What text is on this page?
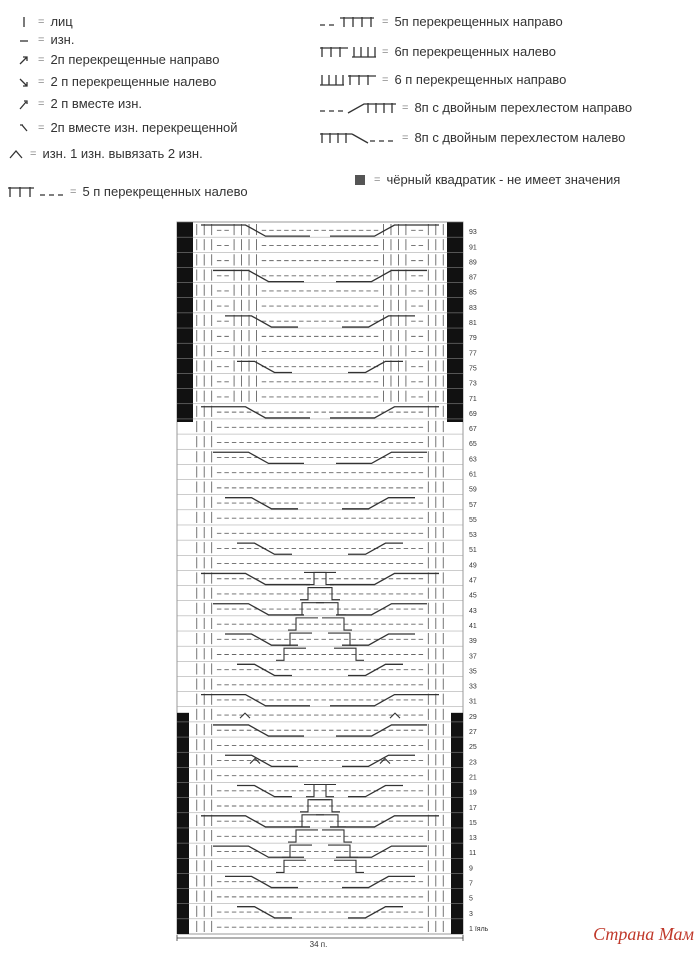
= лиц
= изн.
= 2п перекрещенные направо
= 2 п перекрещенные налево
= 2 п вместе изн.
= 2п вместе изн. перекрещенной
= изн. 1 изн. вывязать 2 изн.
= 5 п перекрещенных налево
= 5п перекрещенных направо
= 6п перекрещенных налево
= 6 п перекрещенных направо
= 8п с двойным перехлестом направо
= 8п с двойным перехлестом налево
= чёрный квадратик - не имеет значения
93
91
89
87
85
83
81
79
77
75
73
71
69
67
65
63
61
59
57
55
53
51
49
47
45
43
41
39
37
35
33
31
29
27
25
23
21
19
17
15
13
11
9
7
5
3
1 їяль
34 п.
Страна Мам
